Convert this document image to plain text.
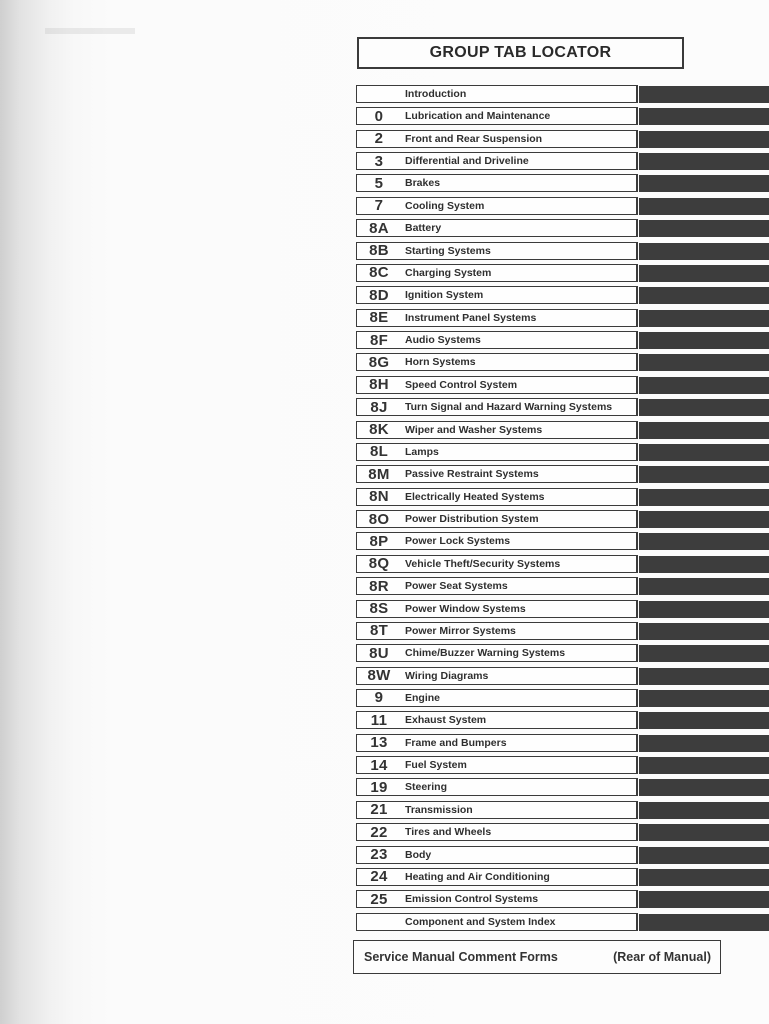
GROUP TAB LOCATOR
Introduction
0	Lubrication and Maintenance
2	Front and Rear Suspension
3	Differential and Driveline
5	Brakes
7	Cooling System
8A	Battery
8B	Starting Systems
8C	Charging System
8D	Ignition System
8E	Instrument Panel Systems
8F	Audio Systems
8G	Horn Systems
8H	Speed Control System
8J	Turn Signal and Hazard Warning Systems
8K	Wiper and Washer Systems
8L	Lamps
8M	Passive Restraint Systems
8N	Electrically Heated Systems
8O	Power Distribution System
8P	Power Lock Systems
8Q	Vehicle Theft/Security Systems
8R	Power Seat Systems
8S	Power Window Systems
8T	Power Mirror Systems
8U	Chime/Buzzer Warning Systems
8W	Wiring Diagrams
9	Engine
11	Exhaust System
13	Frame and Bumpers
14	Fuel System
19	Steering
21	Transmission
22	Tires and Wheels
23	Body
24	Heating and Air Conditioning
25	Emission Control Systems
Component and System Index
Service Manual Comment Forms	(Rear of Manual)
